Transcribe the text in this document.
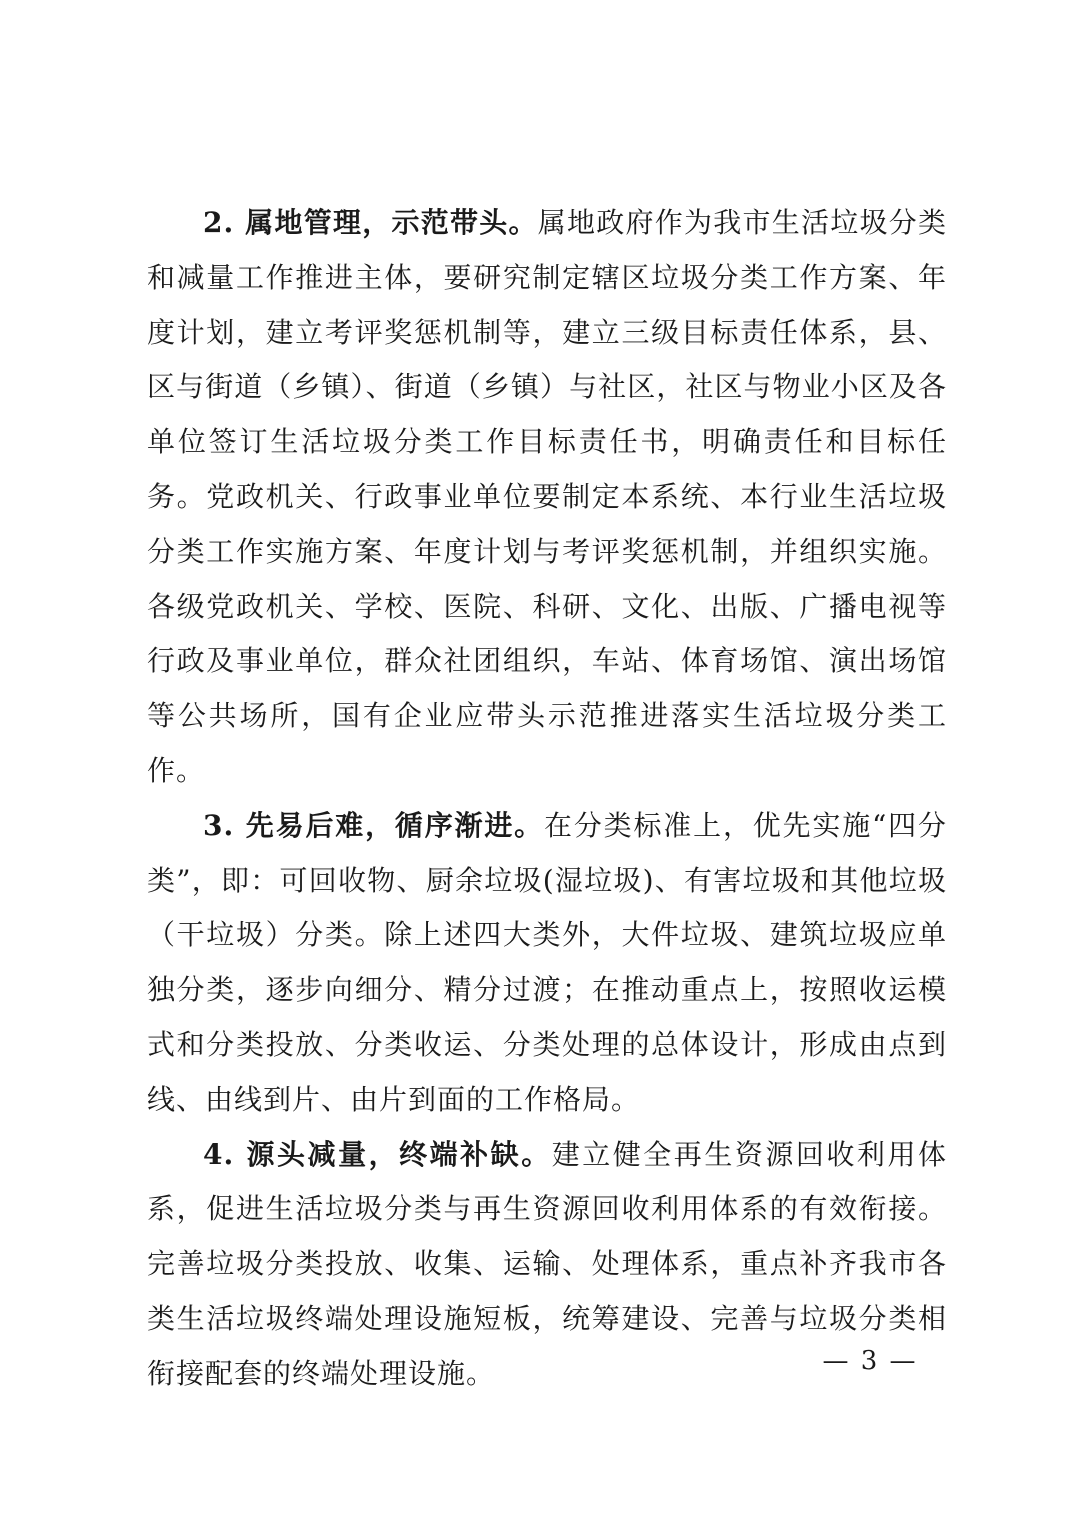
2. 属地管理，示范带头。属地政府作为我市生活垃圾分类和减量工作推进主体，要研究制定辖区垃圾分类工作方案、年度计划，建立考评奖惩机制等，建立三级目标责任体系，县、区与街道（乡镇）、街道（乡镇）与社区，社区与物业小区及各单位签订生活垃圾分类工作目标责任书，明确责任和目标任务。党政机关、行政事业单位要制定本系统、本行业生活垃圾分类工作实施方案、年度计划与考评奖惩机制，并组织实施。各级党政机关、学校、医院、科研、文化、出版、广播电视等行政及事业单位，群众社团组织，车站、体育场馆、演出场馆等公共场所，国有企业应带头示范推进落实生活垃圾分类工作。

3. 先易后难，循序渐进。在分类标准上，优先实施“四分类”，即：可回收物、厨余垃圾(湿垃圾)、有害垃圾和其他垃圾（干垃圾）分类。除上述四大类外，大件垃圾、建筑垃圾应单独分类，逐步向细分、精分过渡；在推动重点上，按照收运模式和分类投放、分类收运、分类处理的总体设计，形成由点到线、由线到片、由片到面的工作格局。

4. 源头减量，终端补缺。建立健全再生资源回收利用体系，促进生活垃圾分类与再生资源回收利用体系的有效衔接。完善垃圾分类投放、收集、运输、处理体系，重点补齐我市各类生活垃圾终端处理设施短板，统筹建设、完善与垃圾分类相衔接配套的终端处理设施。	— 3 —
